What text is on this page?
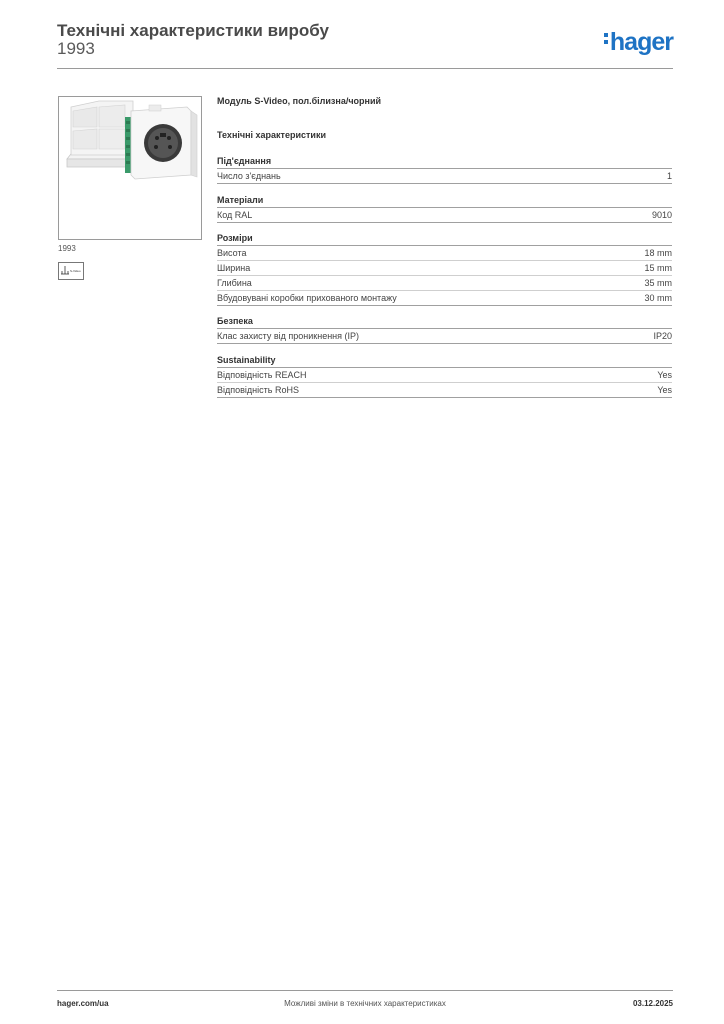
Технічні характеристики виробу
1993	hager
1993
S-Video
Модуль S-Video, пол.білизна/чорний
Технічні характеристики
Під'єднання
Число з'єднань	1
Матеріали
Код RAL	9010
Розміри
Висота	18 mm
Ширина	15 mm
Глибина	35 mm
Вбудовувані коробки прихованого монтажу	30 mm
Безпека
Клас захисту від проникнення (IP)	IP20
Sustainability
Відповідність REACH	Yes
Відповідність RoHS	Yes
hager.com/ua	Можливі зміни в технічних характеристиках	03.12.2025
